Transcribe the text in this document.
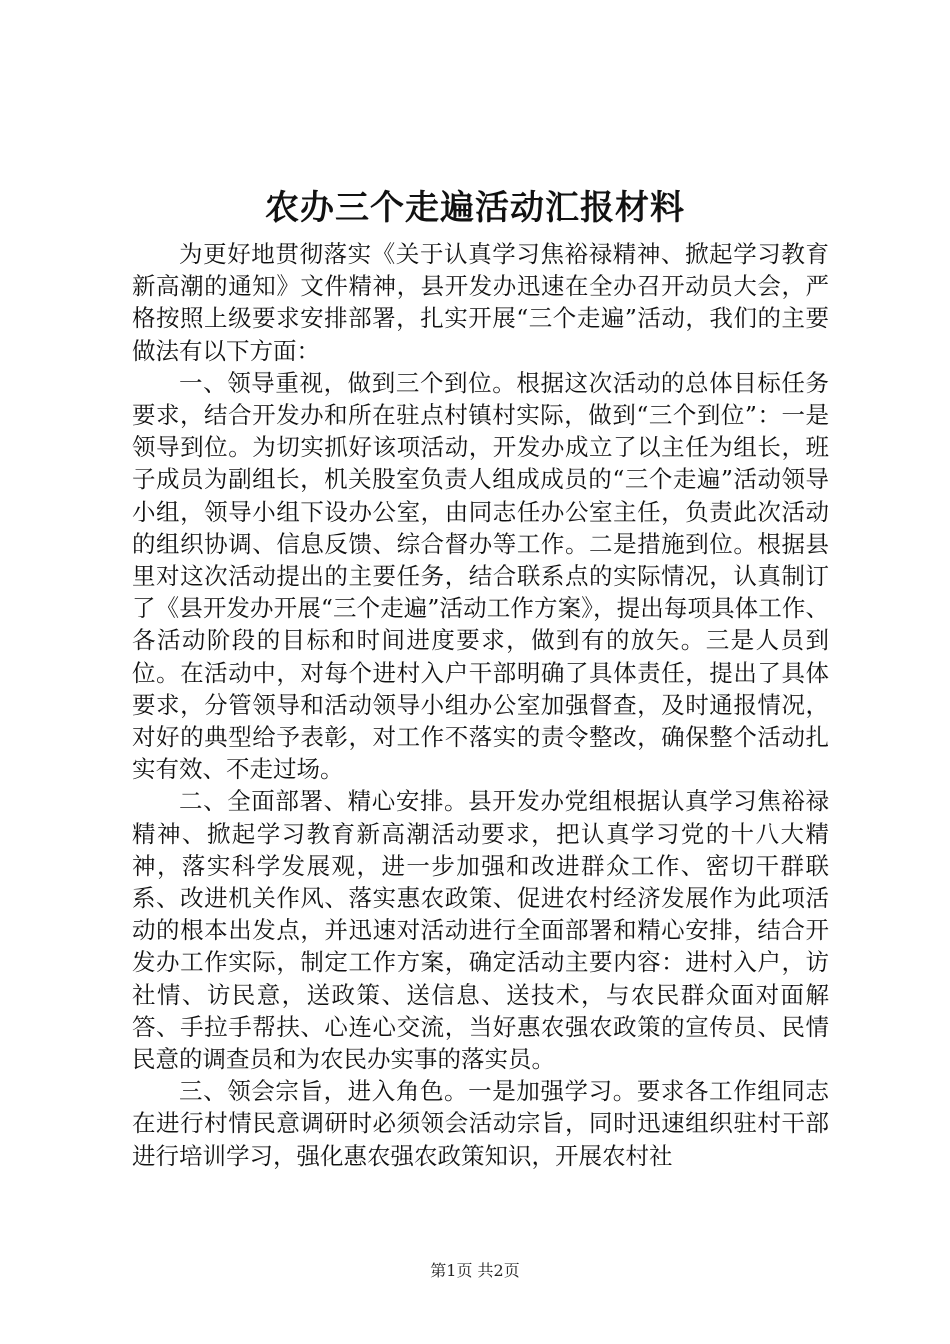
农办三个走遍活动汇报材料

为更好地贯彻落实《关于认真学习焦裕禄精神、掀起学习教育新高潮的通知》文件精神，县开发办迅速在全办召开动员大会，严格按照上级要求安排部署，扎实开展“三个走遍”活动，我们的主要做法有以下方面：

一、领导重视，做到三个到位。根据这次活动的总体目标任务要求，结合开发办和所在驻点村镇村实际，做到“三个到位”：一是领导到位。为切实抓好该项活动，开发办成立了以主任为组长，班子成员为副组长，机关股室负责人组成成员的“三个走遍”活动领导小组，领导小组下设办公室，由同志任办公室主任，负责此次活动的组织协调、信息反馈、综合督办等工作。二是措施到位。根据县里对这次活动提出的主要任务，结合联系点的实际情况，认真制订了《县开发办开展“三个走遍”活动工作方案》，提出每项具体工作、各活动阶段的目标和时间进度要求，做到有的放矢。三是人员到位。在活动中，对每个进村入户干部明确了具体责任，提出了具体要求，分管领导和活动领导小组办公室加强督查，及时通报情况，对好的典型给予表彰，对工作不落实的责令整改，确保整个活动扎实有效、不走过场。

二、全面部署、精心安排。县开发办党组根据认真学习焦裕禄精神、掀起学习教育新高潮活动要求，把认真学习党的十八大精神，落实科学发展观，进一步加强和改进群众工作、密切干群联系、改进机关作风、落实惠农政策、促进农村经济发展作为此项活动的根本出发点，并迅速对活动进行全面部署和精心安排，结合开发办工作实际，制定工作方案，确定活动主要内容：进村入户，访社情、访民意，送政策、送信息、送技术，与农民群众面对面解答、手拉手帮扶、心连心交流，当好惠农强农政策的宣传员、民情民意的调查员和为农民办实事的落实员。

三、领会宗旨，进入角色。一是加强学习。要求各工作组同志在进行村情民意调研时必须领会活动宗旨，同时迅速组织驻村干部进行培训学习，强化惠农强农政策知识，开展农村社

第1页 共2页
